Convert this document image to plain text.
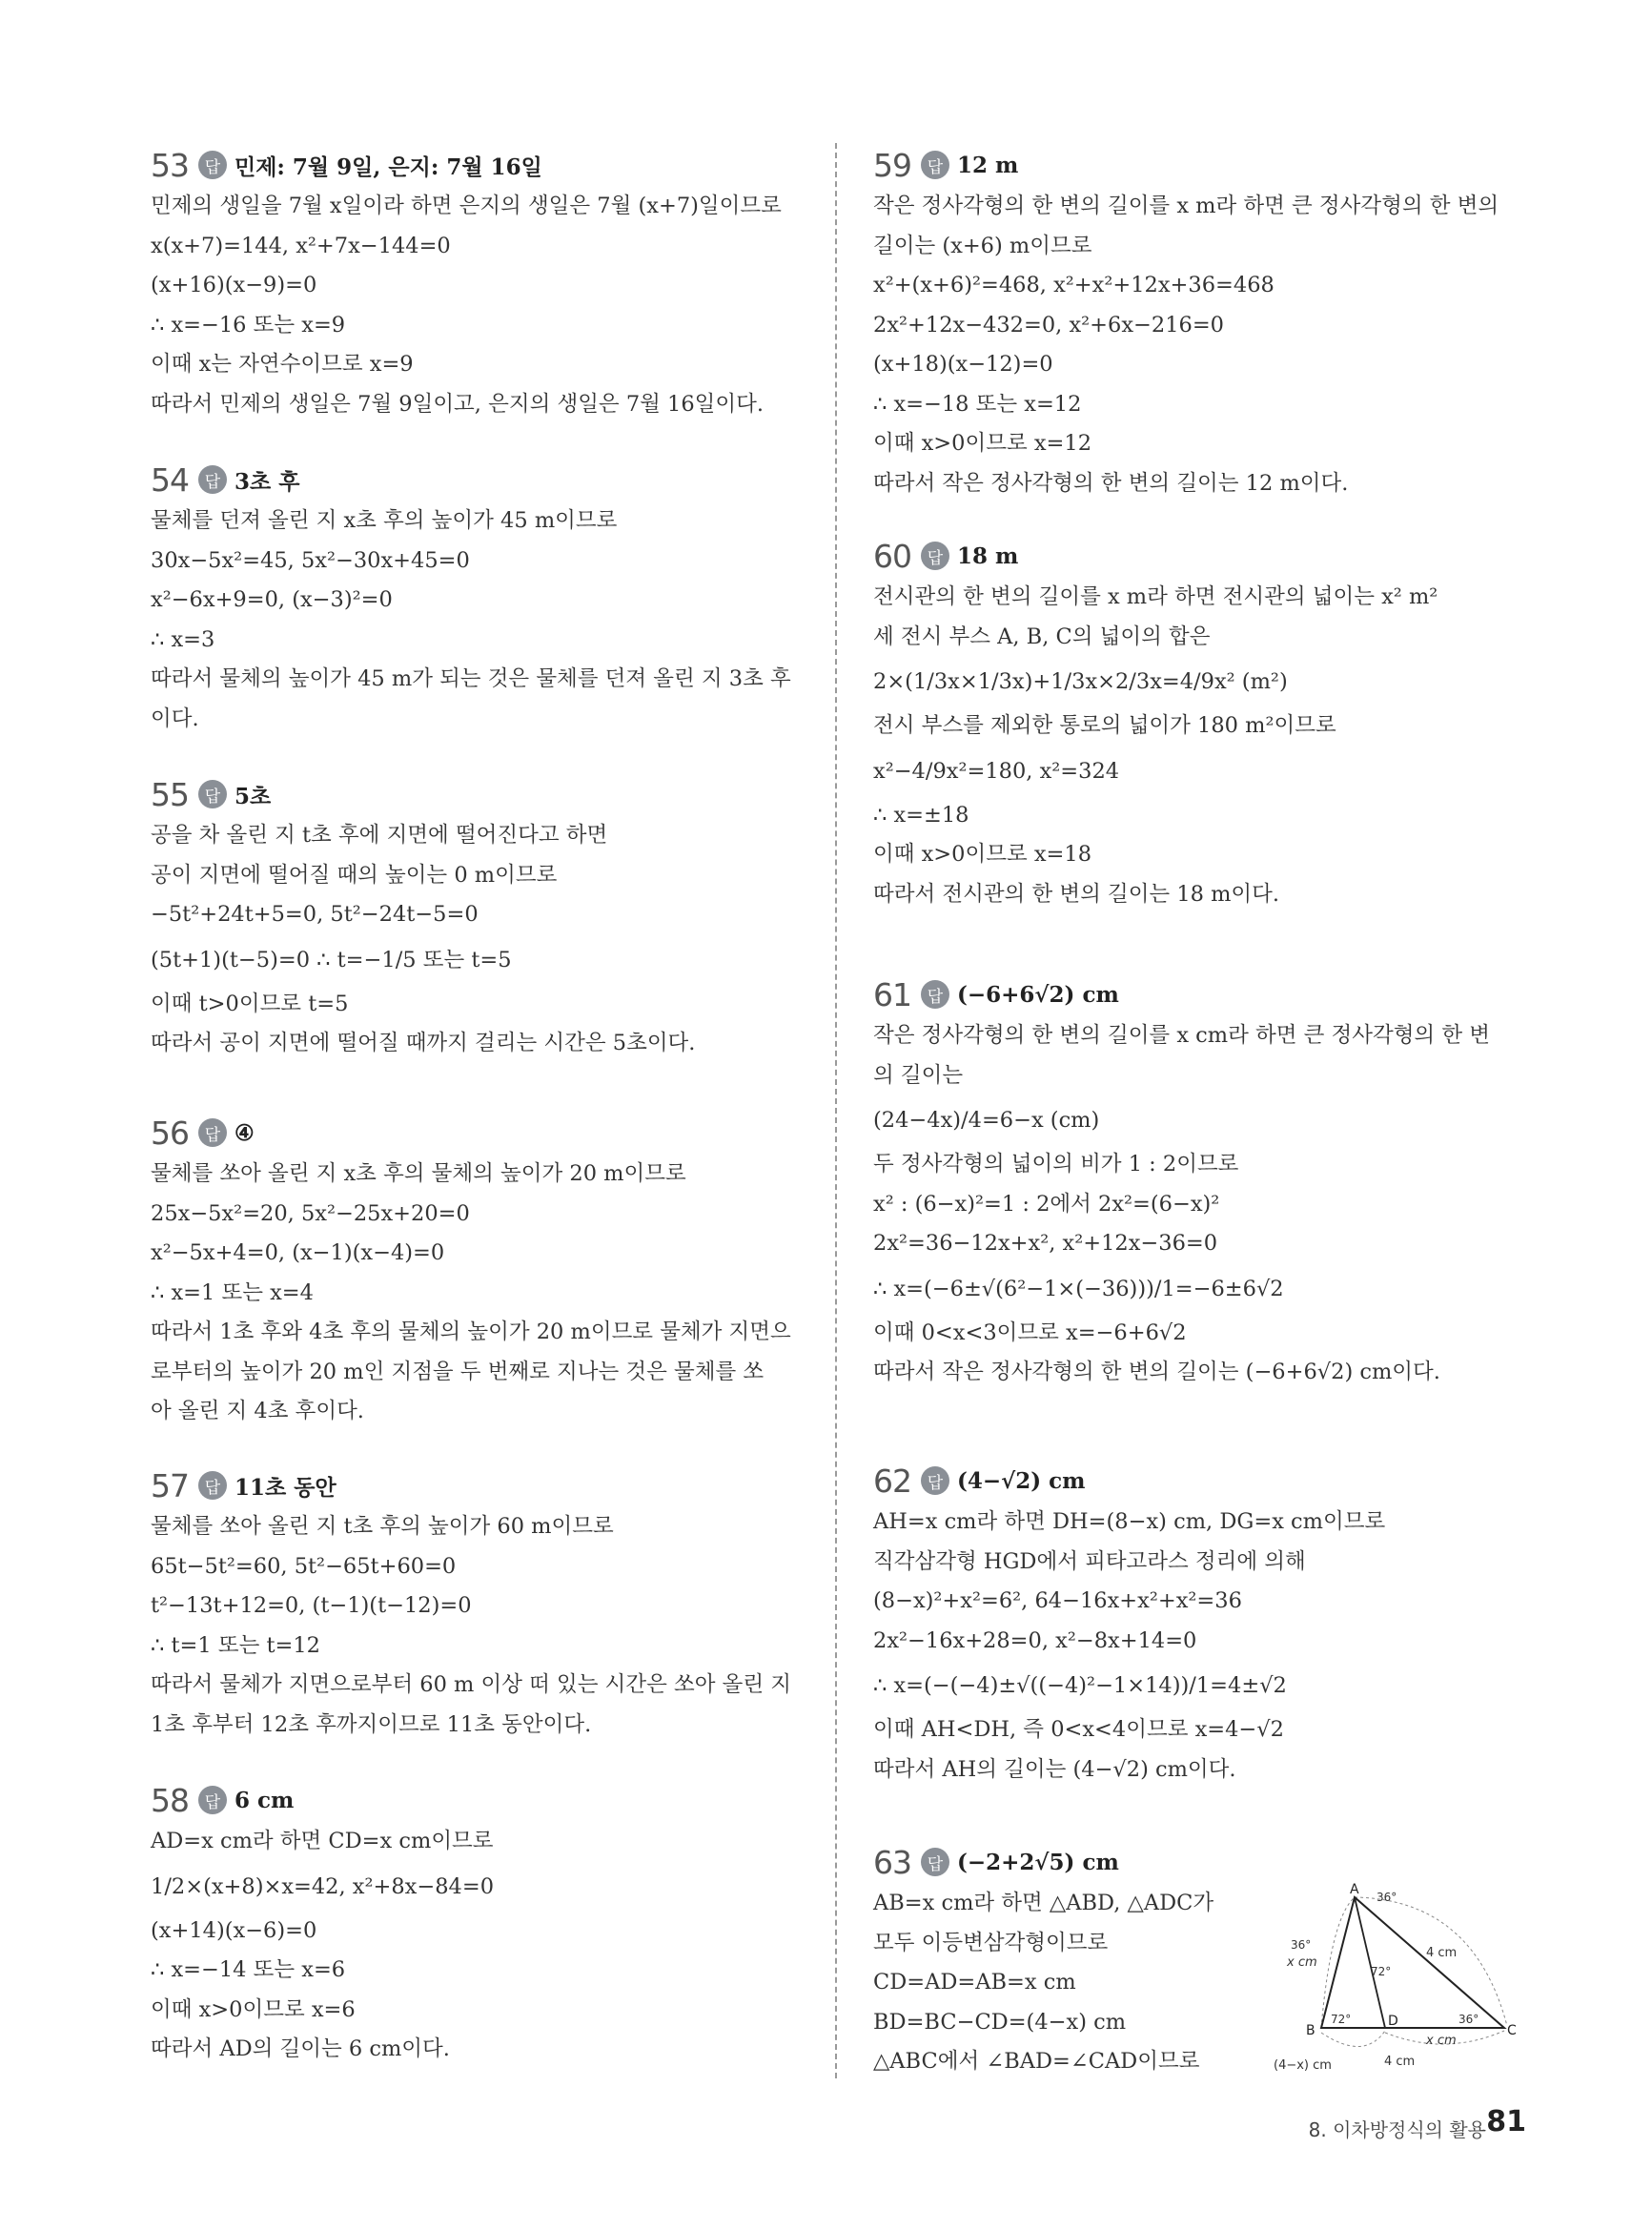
53 답 민제: 7월 9일, 은지: 7월 16일
민제의 생일을 7월 x일이라 하면 은지의 생일은 7월 (x+7)일이므로
x(x+7)=144, x²+7x−144=0
(x+16)(x−9)=0
∴ x=−16 또는 x=9
이때 x는 자연수이므로 x=9
따라서 민제의 생일은 7월 9일이고, 은지의 생일은 7월 16일이다.
54 답 3초 후
물체를 던져 올린 지 x초 후의 높이가 45 m이므로
30x−5x²=45, 5x²−30x+45=0
x²−6x+9=0, (x−3)²=0
∴ x=3
따라서 물체의 높이가 45 m가 되는 것은 물체를 던져 올린 지 3초 후
이다.
55 답 5초
공을 차 올린 지 t초 후에 지면에 떨어진다고 하면
공이 지면에 떨어질 때의 높이는 0 m이므로
−5t²+24t+5=0, 5t²−24t−5=0
(5t+1)(t−5)=0 ∴ t=−1/5 또는 t=5
이때 t>0이므로 t=5
따라서 공이 지면에 떨어질 때까지 걸리는 시간은 5초이다.
56 답 ④
물체를 쏘아 올린 지 x초 후의 물체의 높이가 20 m이므로
25x−5x²=20, 5x²−25x+20=0
x²−5x+4=0, (x−1)(x−4)=0
∴ x=1 또는 x=4
따라서 1초 후와 4초 후의 물체의 높이가 20 m이므로 물체가 지면으
로부터의 높이가 20 m인 지점을 두 번째로 지나는 것은 물체를 쏘
아 올린 지 4초 후이다.
57 답 11초 동안
물체를 쏘아 올린 지 t초 후의 높이가 60 m이므로
65t−5t²=60, 5t²−65t+60=0
t²−13t+12=0, (t−1)(t−12)=0
∴ t=1 또는 t=12
따라서 물체가 지면으로부터 60 m 이상 떠 있는 시간은 쏘아 올린 지
1초 후부터 12초 후까지이므로 11초 동안이다.
58 답 6 cm
AD=x cm라 하면 CD=x cm이므로
1/2×(x+8)×x=42, x²+8x−84=0
(x+14)(x−6)=0
∴ x=−14 또는 x=6
이때 x>0이므로 x=6
따라서 AD의 길이는 6 cm이다.
59 답 12 m
작은 정사각형의 한 변의 길이를 x m라 하면 큰 정사각형의 한 변의
길이는 (x+6) m이므로
x²+(x+6)²=468, x²+x²+12x+36=468
2x²+12x−432=0, x²+6x−216=0
(x+18)(x−12)=0
∴ x=−18 또는 x=12
이때 x>0이므로 x=12
따라서 작은 정사각형의 한 변의 길이는 12 m이다.
60 답 18 m
전시관의 한 변의 길이를 x m라 하면 전시관의 넓이는 x² m²
세 전시 부스 A, B, C의 넓이의 합은
2×(1/3x×1/3x)+1/3x×2/3x=4/9x² (m²)
전시 부스를 제외한 통로의 넓이가 180 m²이므로
x²−4/9x²=180, x²=324
∴ x=±18
이때 x>0이므로 x=18
따라서 전시관의 한 변의 길이는 18 m이다.
61 답 (−6+6√2) cm
작은 정사각형의 한 변의 길이를 x cm라 하면 큰 정사각형의 한 변
의 길이는
(24−4x)/4=6−x (cm)
두 정사각형의 넓이의 비가 1 : 2이므로
x² : (6−x)²=1 : 2에서 2x²=(6−x)²
2x²=36−12x+x², x²+12x−36=0
∴ x=(−6±√(6²−1×(−36)))/1=−6±6√2
이때 0<x<3이므로 x=−6+6√2
따라서 작은 정사각형의 한 변의 길이는 (−6+6√2) cm이다.
62 답 (4−√2) cm
AH=x cm라 하면 DH=(8−x) cm, DG=x cm이므로
직각삼각형 HGD에서 피타고라스 정리에 의해
(8−x)²+x²=6², 64−16x+x²+x²=36
2x²−16x+28=0, x²−8x+14=0
∴ x=(−(−4)±√((−4)²−1×14))/1=4±√2
이때 AH<DH, 즉 0<x<4이므로 x=4−√2
따라서 AH의 길이는 (4−√2) cm이다.
63 답 (−2+2√5) cm
AB=x cm라 하면 △ABD, △ADC가
모두 이등변삼각형이므로
CD=AD=AB=x cm
BD=BC−CD=(4−x) cm
△ABC에서 ∠BAD=∠CAD이므로
A
B	C
D
36°
36°
72°
72°	36°
x cm
4 cm
x cm
(4−x) cm	4 cm
8. 이차방정식의 활용 81
